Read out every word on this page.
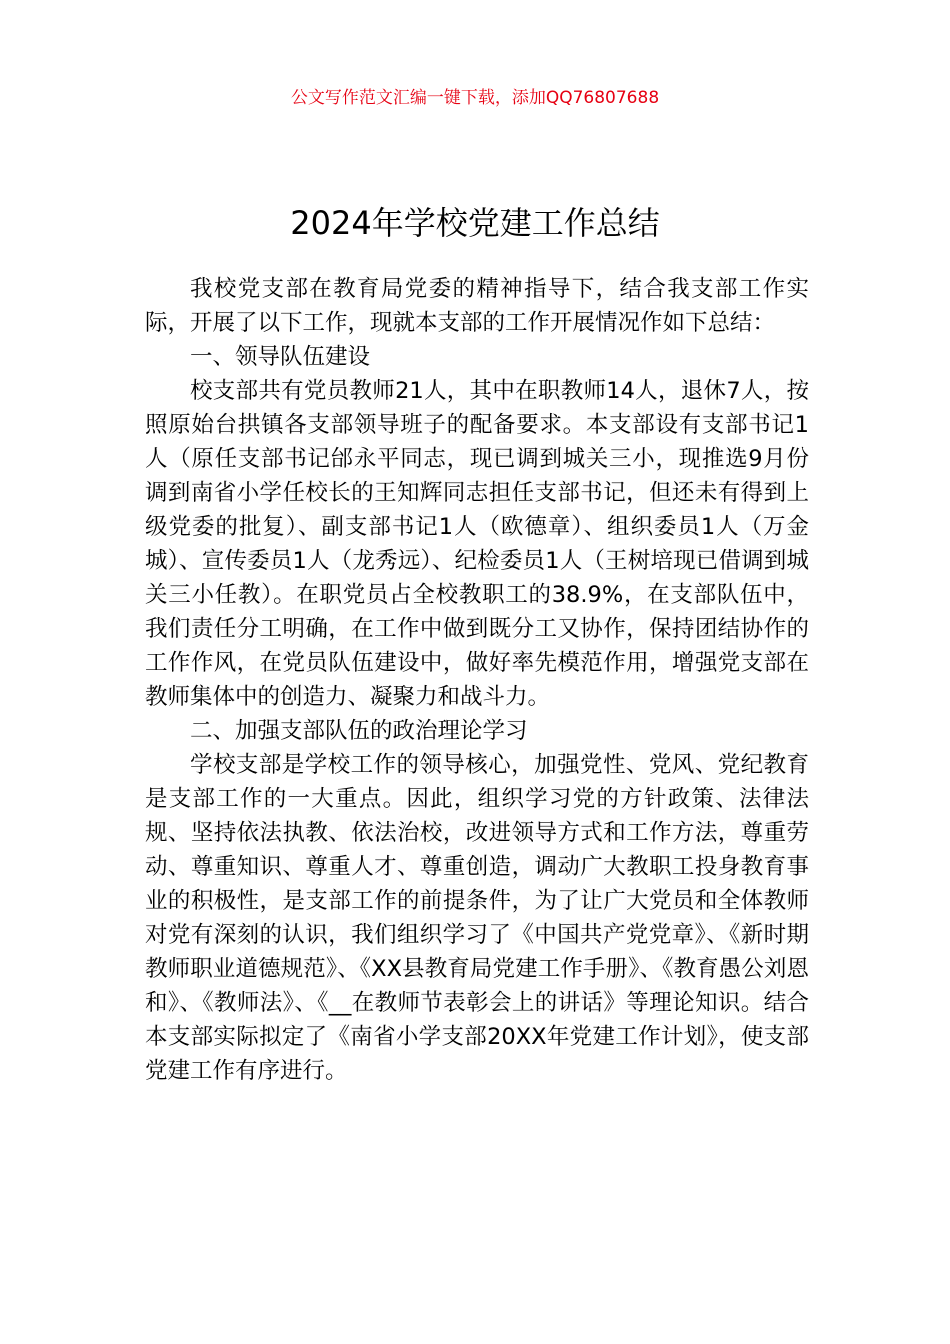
公文写作范文汇编一键下载，添加QQ76807688
2024年学校党建工作总结

我校党支部在教育局党委的精神指导下，结合我支部工作实际，开展了以下工作，现就本支部的工作开展情况作如下总结：

一、领导队伍建设

校支部共有党员教师21人，其中在职教师14人，退休7人，按照原始台拱镇各支部领导班子的配备要求。本支部设有支部书记1人（原任支部书记邰永平同志，现已调到城关三小，现推选9月份调到南省小学任校长的王知辉同志担任支部书记，但还未有得到上级党委的批复）、副支部书记1人（欧德章）、组织委员1人（万金城）、宣传委员1人（龙秀远）、纪检委员1人（王树培现已借调到城关三小任教）。在职党员占全校教职工的38.9%，在支部队伍中，我们责任分工明确，在工作中做到既分工又协作，保持团结协作的工作作风，在党员队伍建设中，做好率先模范作用，增强党支部在教师集体中的创造力、凝聚力和战斗力。

二、加强支部队伍的政治理论学习

学校支部是学校工作的领导核心，加强党性、党风、党纪教育是支部工作的一大重点。因此，组织学习党的方针政策、法律法规、坚持依法执教、依法治校，改进领导方式和工作方法，尊重劳动、尊重知识、尊重人才、尊重创造，调动广大教职工投身教育事业的积极性，是支部工作的前提条件，为了让广大党员和全体教师对党有深刻的认识，我们组织学习了《中国共产党党章》、《新时期教师职业道德规范》、《XX县教育局党建工作手册》、《教育愚公刘恩和》、《教师法》、《__在教师节表彰会上的讲话》等理论知识。结合本支部实际拟定了《南省小学支部20XX年党建工作计划》，使支部党建工作有序进行。
